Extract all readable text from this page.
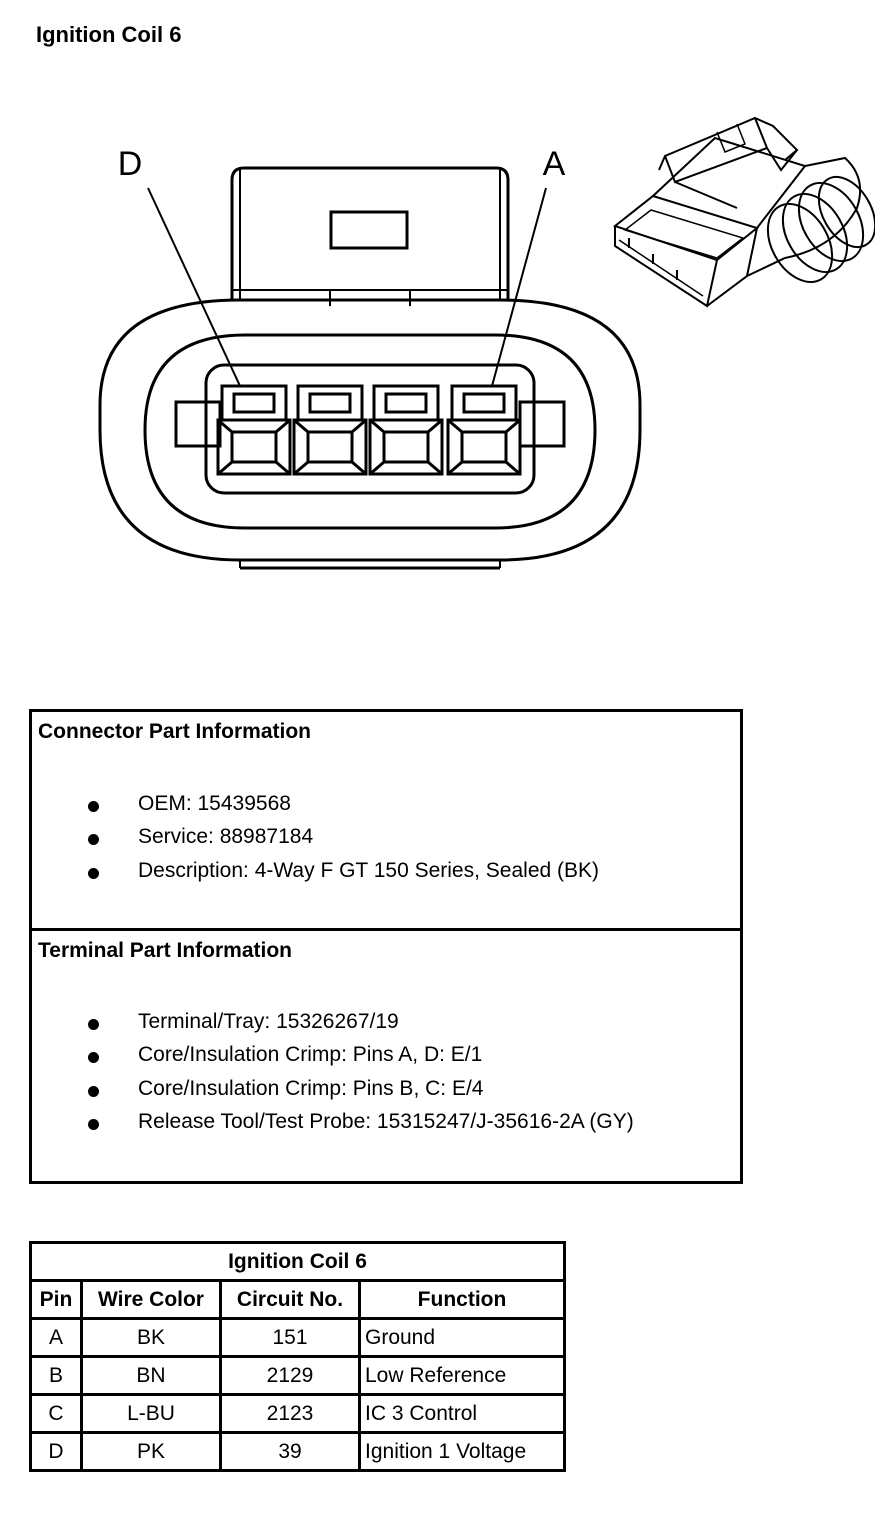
Ignition Coil 6
D	A
Connector Part Information
OEM: 15439568
Service: 88987184
Description: 4-Way F GT 150 Series, Sealed (BK)
Terminal Part Information
Terminal/Tray: 15326267/19
Core/Insulation Crimp: Pins A, D: E/1
Core/Insulation Crimp: Pins B, C: E/4
Release Tool/Test Probe: 15315247/J-35616-2A (GY)
Ignition Coil 6			
Pin	Wire Color	Circuit No.	Function
A	BK	151	Ground
B	BN	2129	Low Reference
C	L-BU	2123	IC 3 Control
D	PK	39	Ignition 1 Voltage
